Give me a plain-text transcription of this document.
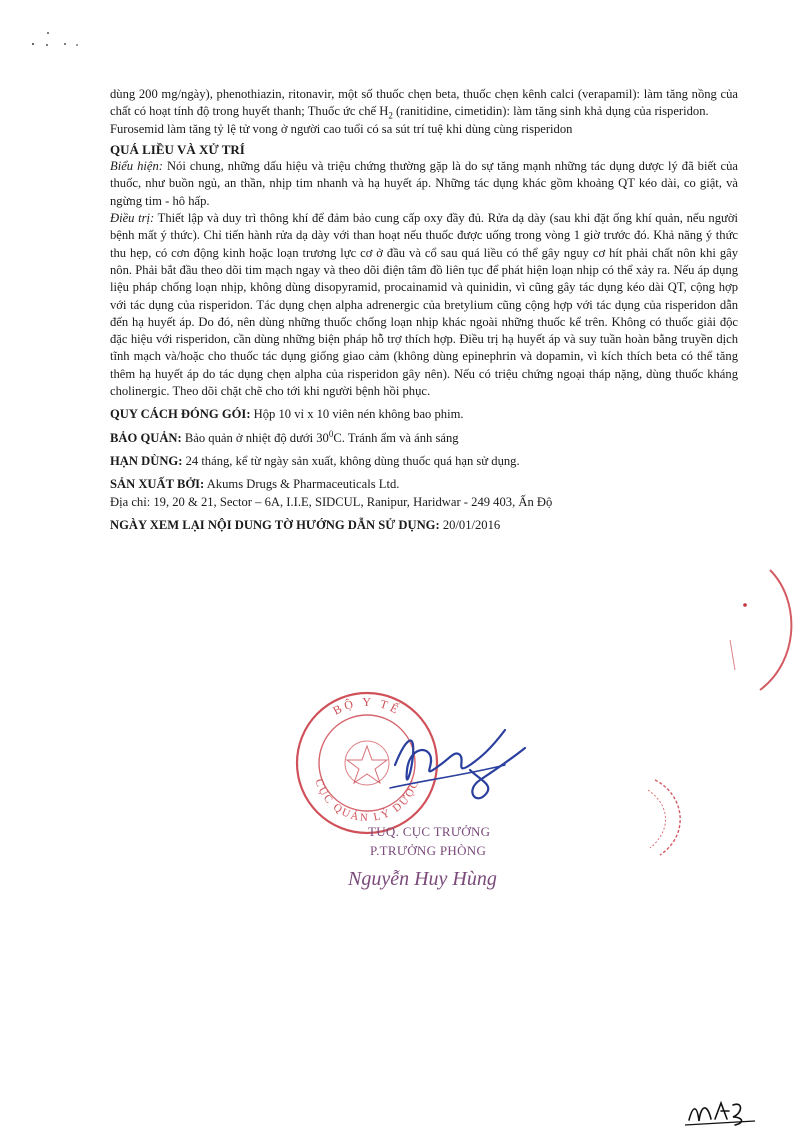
dùng 200 mg/ngày), phenothiazin, ritonavir, một số thuốc chẹn beta, thuốc chẹn kênh calci (verapamil): làm tăng nồng của chất có hoạt tính độ trong huyết thanh; Thuốc ức chế $H_2$ (ranitidine, cimetidin): làm tăng sinh khả dụng của risperidon.

Furosemid làm tăng tỷ lệ tử vong ở người cao tuổi có sa sút trí tuệ khi dùng cùng risperidon

QUÁ LIỀU VÀ XỬ TRÍ

Biểu hiện: Nói chung, những dấu hiệu và triệu chứng thường gặp là do sự tăng mạnh những tác dụng dược lý đã biết của thuốc, như buồn ngủ, an thần, nhịp tim nhanh và hạ huyết áp. Những tác dụng khác gồm khoảng QT kéo dài, co giật, và ngừng tim - hô hấp.

Điều trị: Thiết lập và duy trì thông khí để đảm bảo cung cấp oxy đầy đủ. Rửa dạ dày (sau khi đặt ống khí quản, nếu người bệnh mất ý thức). Chỉ tiến hành rửa dạ dày với than hoạt nếu thuốc được uống trong vòng 1 giờ trước đó. Khả năng ý thức thu hẹp, có cơn động kinh hoặc loạn trương lực cơ ở đầu và cổ sau quá liều có thể gây nguy cơ hít phải chất nôn khi gây nôn. Phải bắt đầu theo dõi tim mạch ngay và theo dõi điện tâm đồ liên tục để phát hiện loạn nhịp có thể xảy ra. Nếu áp dụng liệu pháp chống loạn nhịp, không dùng disopyramid, procainamid và quinidin, vì cũng gây tác dụng kéo dài QT, cộng hợp với tác dụng của risperidon. Tác dụng chẹn alpha adrenergic của bretylium cũng cộng hợp với tác dụng của risperidon dẫn đến hạ huyết áp. Do đó, nên dùng những thuốc chống loạn nhịp khác ngoài những thuốc kể trên. Không có thuốc giải độc đặc hiệu với risperidon, cần dùng những biện pháp hỗ trợ thích hợp. Điều trị hạ huyết áp và suy tuần hoàn bằng truyền dịch tĩnh mạch và/hoặc cho thuốc tác dụng giống giao cảm (không dùng epinephrin và dopamin, vì kích thích beta có thể tăng thêm hạ huyết áp do tác dụng chẹn alpha của risperidon gây nên). Nếu có triệu chứng ngoại tháp nặng, dùng thuốc kháng cholinergic. Theo dõi chặt chẽ cho tới khi người bệnh hồi phục.

QUY CÁCH ĐÓNG GÓI: Hộp 10 vỉ x 10 viên nén không bao phim.

BẢO QUẢN: Bảo quản ở nhiệt độ dưới $30^0C$. Tránh ẩm và ánh sáng

HẠN DÙNG: 24 tháng, kể từ ngày sản xuất, không dùng thuốc quá hạn sử dụng.

SẢN XUẤT BỞI: Akums Drugs & Pharmaceuticals Ltd.

Địa chỉ: 19, 20 & 21, Sector – 6A, I.I.E, SIDCUL, Ranipur, Haridwar - 249 403, Ấn Độ

NGÀY XEM LẠI NỘI DUNG TỜ HƯỚNG DẪN SỬ DỤNG: 20/01/2016

BỘ Y TẾ
CỤC QUẢN LÝ DƯỢC
TUQ. CỤC TRƯỞNG
P.TRƯỞNG PHÒNG
Nguyễn Huy Hùng
